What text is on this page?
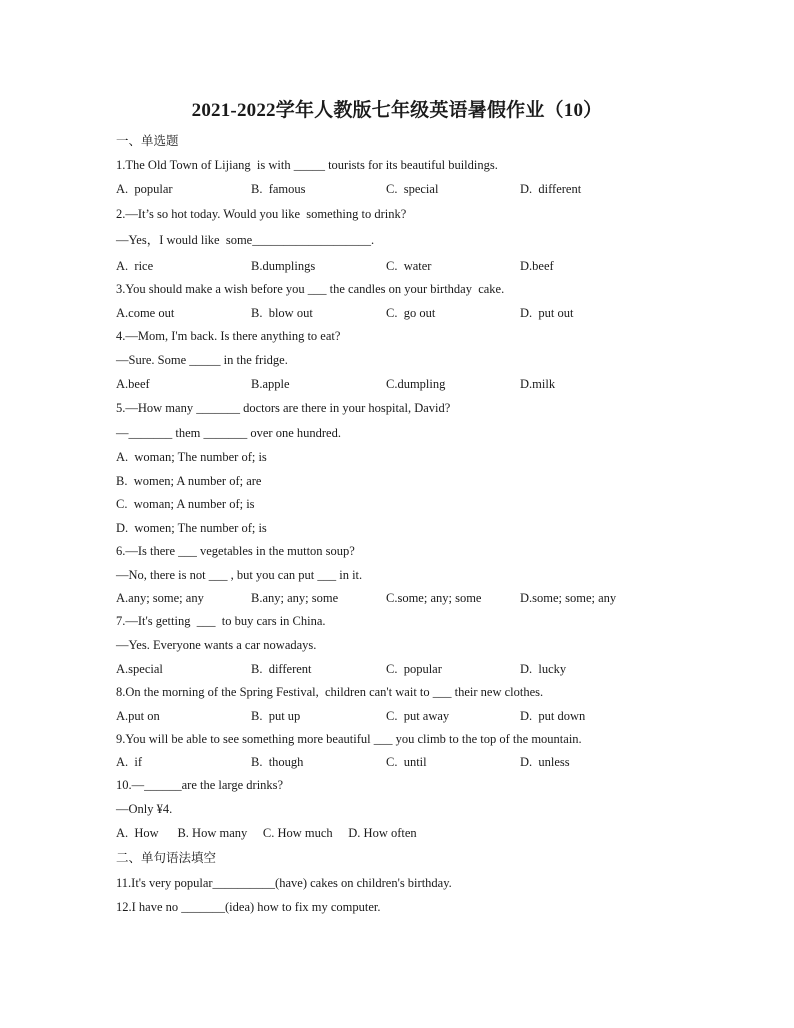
2021-2022学年人教版七年级英语暑假作业（10）
一、单选题
1.The Old Town of Lijiang  is with _____ tourists for its beautiful buildings.
A.  popular	B.  famous	C.  special	D.  different
2.—It’s so hot today. Would you like  something to drink?
—Yes，I would like  some___________________.
A.  rice	B.dumplings	C.  water	D.beef
3.You should make a wish before you ___ the candles on your birthday  cake.
A.come out	B.  blow out	C.  go out	D.  put out
4.—Mom, I'm back. Is there anything to eat?
—Sure. Some _____ in the fridge.
A.beef	B.apple	C.dumpling	D.milk
5.—How many _______ doctors are there in your hospital, David?
—_______ them _______ over one hundred.
A.  woman; The number of; is
B.  women; A number of; are
C.  woman; A number of; is
D.  women; The number of; is
6.—Is there ___ vegetables in the mutton soup?
—No, there is not ___ , but you can put ___ in it.
A.any; some; any	B.any; any; some	C.some; any; some	D.some; some; any
7.—It's getting  ___  to buy cars in China.
—Yes. Everyone wants a car nowadays.
A.special	B.  different	C.  popular	D.  lucky
8.On the morning of the Spring Festival,  children can't wait to ___ their new clothes.
A.put on	B.  put up	C.  put away	D.  put down
9.You will be able to see something more beautiful ___ you climb to the top of the mountain.
A.  if	B.  though	C.  until	D.  unless
10.—______are the large drinks?
—Only ¥4.
A.  How      B. How many     C. How much     D. How often
二、单句语法填空
11.It's very popular__________(have) cakes on children's birthday.
12.I have no _______(idea) how to fix my computer.
